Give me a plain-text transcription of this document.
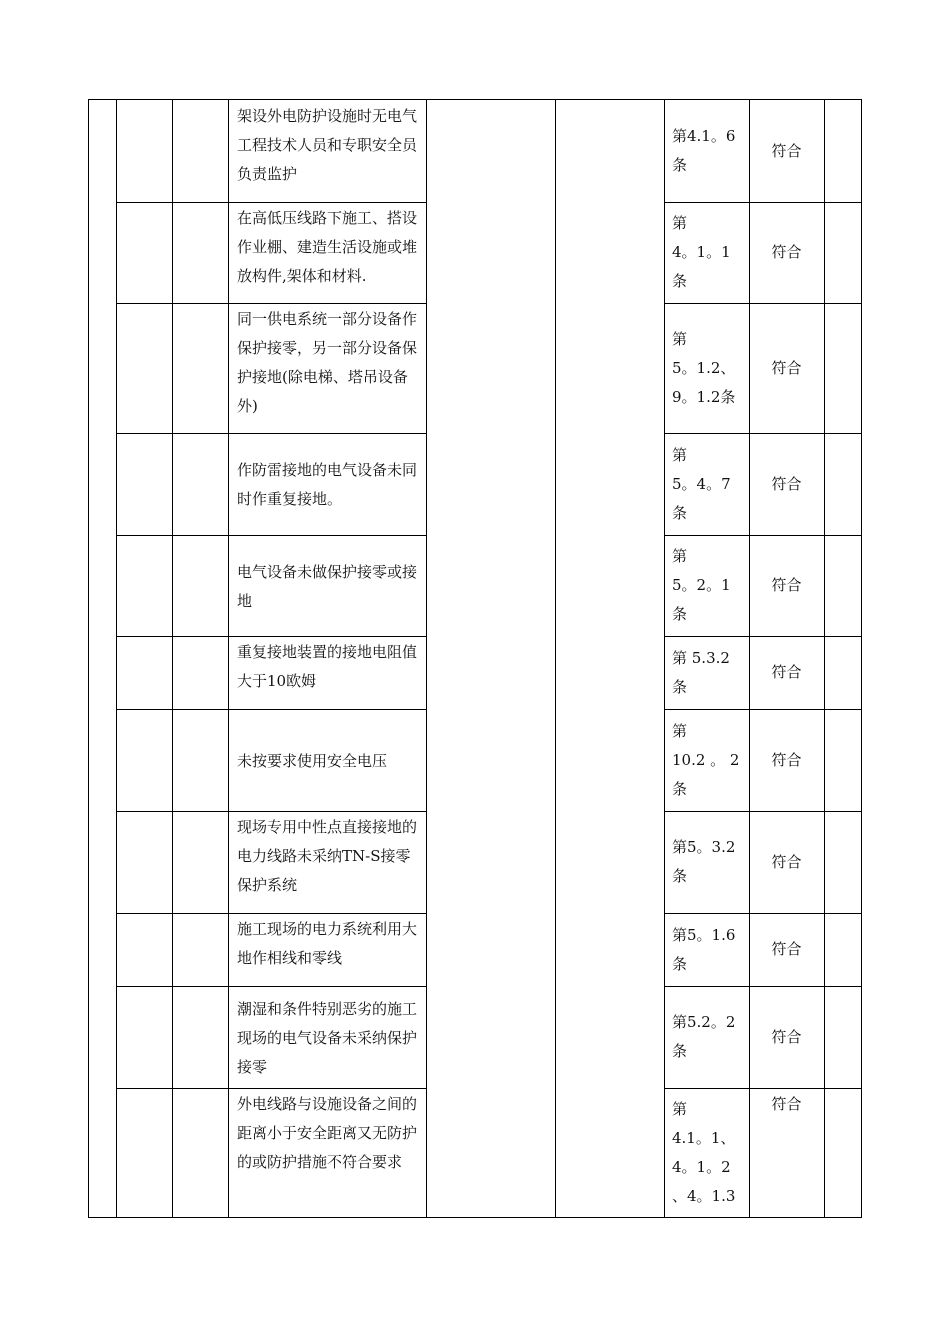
架设外电防护设施时无电气工程技术人员和专职安全员负责监护
第4.1。6
条
符合
在高低压线路下施工、搭设作业棚、建造生活设施或堆放构件,架体和材料.
第
4。1。1
条
符合
同一供电系统一部分设备作保护接零，另一部分设备保护接地(除电梯、塔吊设备外)
第
5。1.2、
9。1.2条
符合
作防雷接地的电气设备未同时作重复接地。
第
5。4。7
条
符合
电气设备未做保护接零或接地
第
5。2。1
条
符合
重复接地装置的接地电阻值大于10欧姆
第 5.3.2
条
符合
未按要求使用安全电压
第
10.2 。 2
条
符合
现场专用中性点直接接地的电力线路未采纳TN-S接零保护系统
第5。3.2
条
符合
施工现场的电力系统利用大地作相线和零线
第5。1.6
条
符合
潮湿和条件特别恶劣的施工现场的电气设备未采纳保护接零
第5.2。2
条
符合
外电线路与设施设备之间的距离小于安全距离又无防护的或防护措施不符合要求
第
4.1。1、
4。1。2
、4。1.3
符合
